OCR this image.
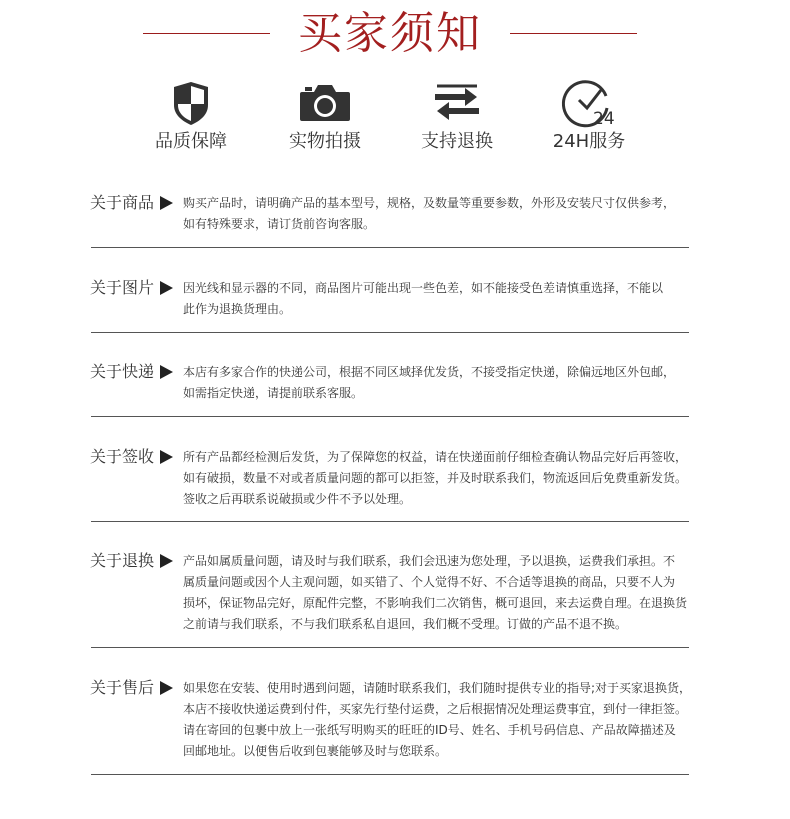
买家须知
品质保障	实物拍摄	支持退换
24
24H服务
关于商品 购买产品时，请明确产品的基本型号，规格，及数量等重要参数，外形及安装尺寸仅供参考，

如有特殊要求，请订货前咨询客服。

关于图片 因光线和显示器的不同，商品图片可能出现一些色差，如不能接受色差请慎重选择，不能以

此作为退换货理由。

关于快递 本店有多家合作的快递公司，根据不同区域择优发货，不接受指定快递，除偏远地区外包邮，

如需指定快递，请提前联系客服。

关于签收 所有产品都经检测后发货，为了保障您的权益，请在快递面前仔细检查确认物品完好后再签收，

如有破损，数量不对或者质量问题的都可以拒签，并及时联系我们，物流返回后免费重新发货。

签收之后再联系说破损或少件不予以处理。

关于退换 产品如属质量问题，请及时与我们联系，我们会迅速为您处理，予以退换，运费我们承担。不

属质量问题或因个人主观问题，如买错了、个人觉得不好、不合适等退换的商品，只要不人为

损坏，保证物品完好，原配件完整，不影响我们二次销售，概可退回，来去运费自理。在退换货

之前请与我们联系，不与我们联系私自退回，我们概不受理。订做的产品不退不换。

关于售后 如果您在安装、使用时遇到问题，请随时联系我们，我们随时提供专业的指导;对于买家退换货，

本店不接收快递运费到付件，买家先行垫付运费，之后根据情况处理运费事宜，到付一律拒签。

请在寄回的包裹中放上一张纸写明购买的旺旺的ID号、姓名、手机号码信息、产品故障描述及

回邮地址。以便售后收到包裹能够及时与您联系。
